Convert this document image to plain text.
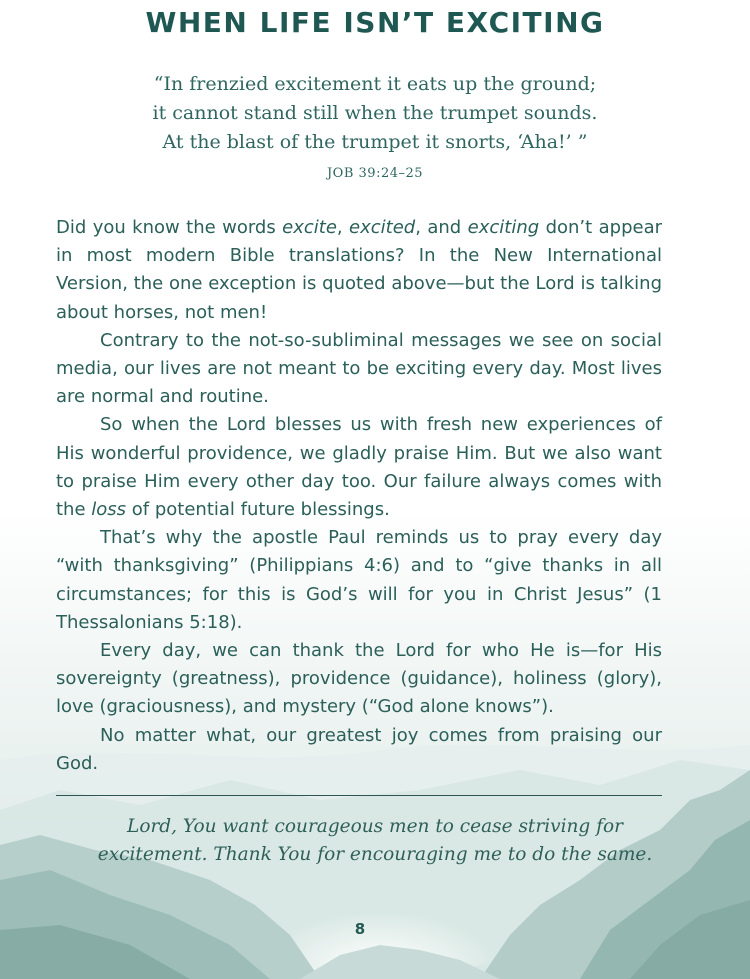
WHEN LIFE ISN’T EXCITING
“In frenzied excitement it eats up the ground;
it cannot stand still when the trumpet sounds.
At the blast of the trumpet it snorts, ‘Aha!’ ”
JOB 39:24–25

Did you know the words excite, excited, and exciting don’t appear in most modern Bible translations? In the New International Version, the one exception is quoted above—but the Lord is talking about horses, not men!

Contrary to the not-so-subliminal messages we see on social media, our lives are not meant to be exciting every day. Most lives are normal and routine.

So when the Lord blesses us with fresh new experiences of His wonderful providence, we gladly praise Him. But we also want to praise Him every other day too. Our failure always comes with the loss of potential future blessings.

That’s why the apostle Paul reminds us to pray every day “with thanksgiving” (Philippians 4:6) and to “give thanks in all circumstances; for this is God’s will for you in Christ Jesus” (1 Thessalonians 5:18).

Every day, we can thank the Lord for who He is—for His sovereignty (greatness), providence (guidance), holiness (glory), love (graciousness), and mystery (“God alone knows”).

No matter what, our greatest joy comes from praising our God.

Lord, You want courageous men to cease striving for
excitement. Thank You for encouraging me to do the same.
8
